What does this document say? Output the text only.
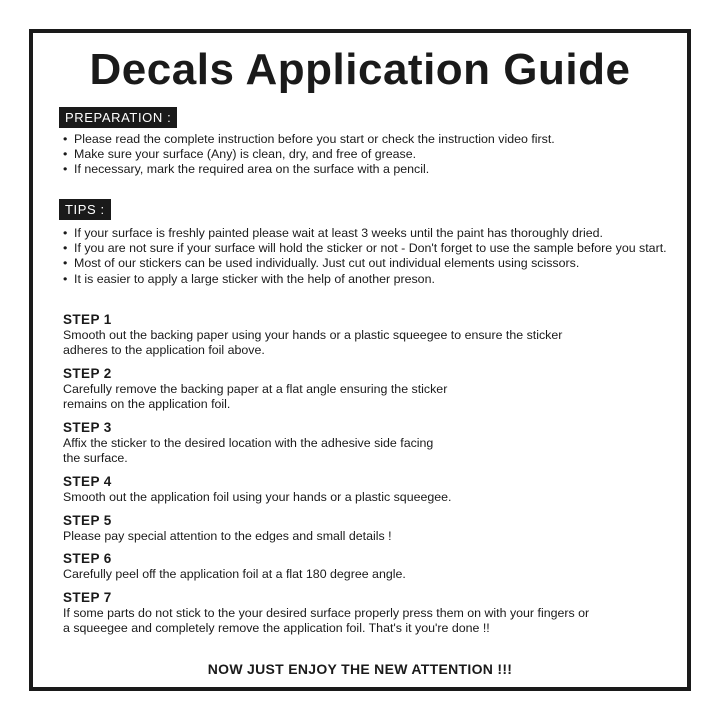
Decals Application Guide
PREPARATION :
• Please read the complete instruction before you start or check the instruction video first.
• Make sure your surface (Any) is clean, dry, and free of grease.
• If necessary, mark the required area on the surface with a pencil.
TIPS :
• If your surface is freshly painted please wait at least 3 weeks until the paint has thoroughly dried.
• If you are not sure if your surface will hold the sticker or not - Don't forget to use the sample before you start.
• Most of our stickers can be used individually. Just cut out individual elements using scissors.
• It is easier to apply a large sticker with the help of another preson.
STEP 1
Smooth out the backing paper using your hands or a plastic squeegee to ensure the sticker
adheres to the application foil above.
STEP 2
Carefully remove the backing paper at a flat angle ensuring the sticker
remains on the application foil.
STEP 3
Affix the sticker to the desired location with the adhesive side facing
the surface.
STEP 4
Smooth out the application foil using your hands or a plastic squeegee.
STEP 5
Please pay special attention to the edges and small details !
STEP 6
Carefully peel off the application foil at a flat 180 degree angle.
STEP 7
If some parts do not stick to the your desired surface properly press them on with your fingers or
a squeegee and completely remove the application foil. That's it you're done !!
NOW JUST ENJOY THE NEW ATTENTION !!!
